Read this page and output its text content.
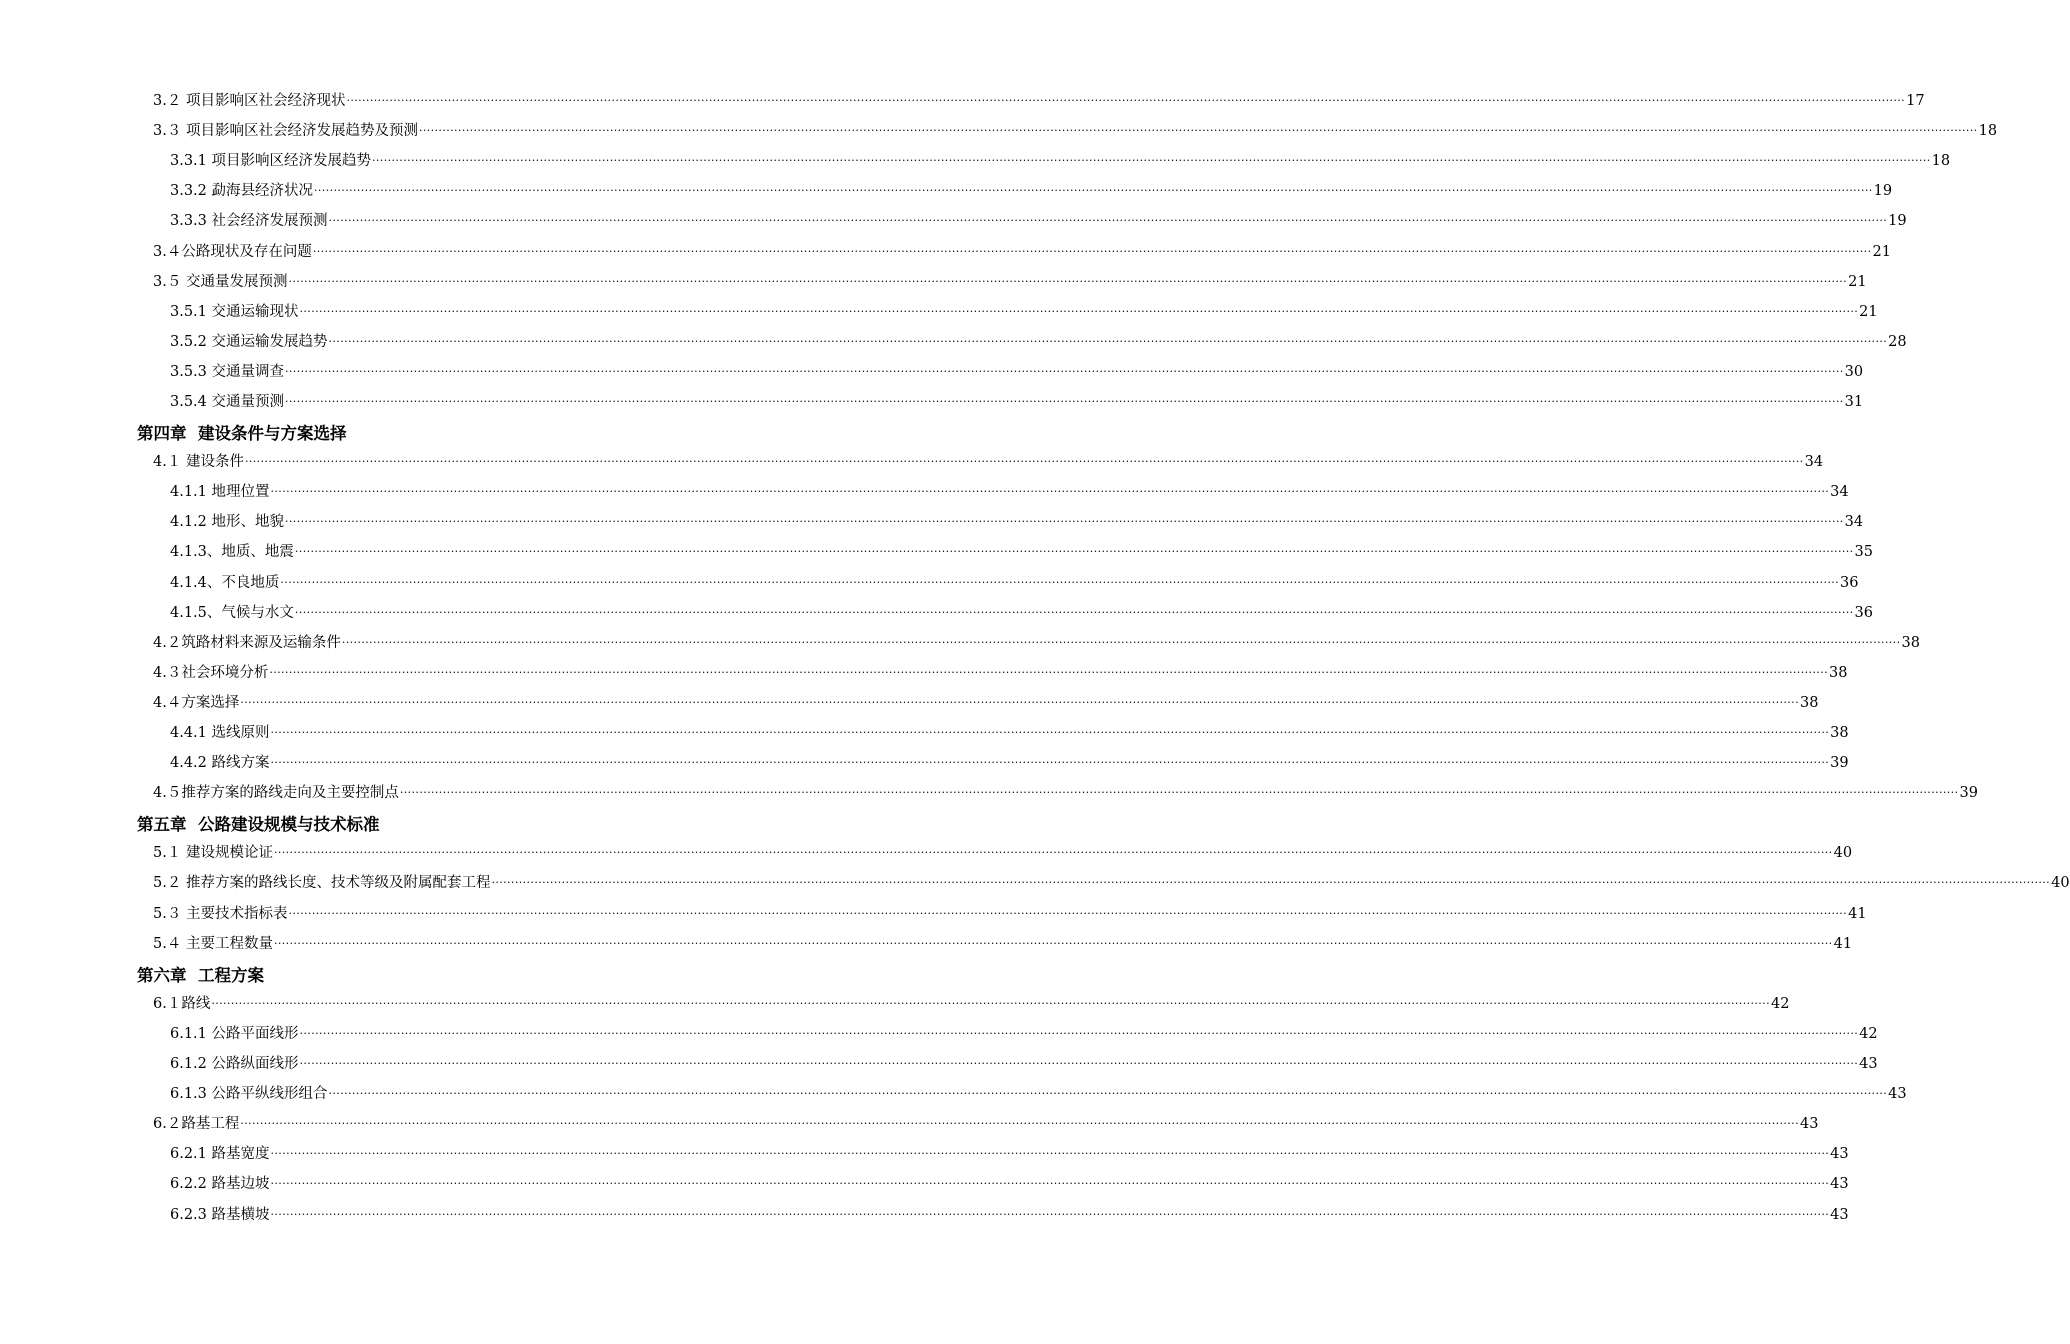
3.２ 项目影响区社会经济现状 ................................................................................................................................................................................................................................................................................................................................................................................................................ 17
3.３ 项目影响区社会经济发展趋势及预测 ................................................................................................................................................................................................................................................................................................................................................................................................................ 18
3.3.1 项目影响区经济发展趋势 ................................................................................................................................................................................................................................................................................................................................................................................................................ 18
3.3.2 勐海县经济状况 ................................................................................................................................................................................................................................................................................................................................................................................................................ 19
3.3.3 社会经济发展预测 ................................................................................................................................................................................................................................................................................................................................................................................................................ 19
3.４公路现状及存在问题 ................................................................................................................................................................................................................................................................................................................................................................................................................ 21
3.５ 交通量发展预测 ................................................................................................................................................................................................................................................................................................................................................................................................................ 21
3.5.1 交通运输现状 ................................................................................................................................................................................................................................................................................................................................................................................................................ 21
3.5.2 交通运输发展趋势 ................................................................................................................................................................................................................................................................................................................................................................................................................ 28
3.5.3 交通量调查 ................................................................................................................................................................................................................................................................................................................................................................................................................ 30
3.5.4 交通量预测 ................................................................................................................................................................................................................................................................................................................................................................................................................ 31
第四章  建设条件与方案选择
4.１ 建设条件 ................................................................................................................................................................................................................................................................................................................................................................................................................ 34
4.1.1 地理位置 ................................................................................................................................................................................................................................................................................................................................................................................................................ 34
4.1.2 地形、地貌 ................................................................................................................................................................................................................................................................................................................................................................................................................ 34
4.1.3、地质、地震 ................................................................................................................................................................................................................................................................................................................................................................................................................ 35
4.1.4、不良地质 ................................................................................................................................................................................................................................................................................................................................................................................................................ 36
4.1.5、气候与水文 ................................................................................................................................................................................................................................................................................................................................................................................................................ 36
4.２筑路材料来源及运输条件 ................................................................................................................................................................................................................................................................................................................................................................................................................ 38
4.３社会环境分析 ................................................................................................................................................................................................................................................................................................................................................................................................................ 38
4.４方案选择 ................................................................................................................................................................................................................................................................................................................................................................................................................ 38
4.4.1 选线原则 ................................................................................................................................................................................................................................................................................................................................................................................................................ 38
4.4.2 路线方案 ................................................................................................................................................................................................................................................................................................................................................................................................................ 39
4.５推荐方案的路线走向及主要控制点 ................................................................................................................................................................................................................................................................................................................................................................................................................ 39
第五章  公路建设规模与技术标准
5.１ 建设规模论证 ................................................................................................................................................................................................................................................................................................................................................................................................................ 40
5.２ 推荐方案的路线长度、技术等级及附属配套工程 ................................................................................................................................................................................................................................................................................................................................................................................................................ 40
5.３ 主要技术指标表 ................................................................................................................................................................................................................................................................................................................................................................................................................ 41
5.４ 主要工程数量 ................................................................................................................................................................................................................................................................................................................................................................................................................ 41
第六章  工程方案
6.１路线 ................................................................................................................................................................................................................................................................................................................................................................................................................ 42
6.1.1 公路平面线形 ................................................................................................................................................................................................................................................................................................................................................................................................................ 42
6.1.2 公路纵面线形 ................................................................................................................................................................................................................................................................................................................................................................................................................ 43
6.1.3 公路平纵线形组合 ................................................................................................................................................................................................................................................................................................................................................................................................................ 43
6.２路基工程 ................................................................................................................................................................................................................................................................................................................................................................................................................ 43
6.2.1 路基宽度 ................................................................................................................................................................................................................................................................................................................................................................................................................ 43
6.2.2 路基边坡 ................................................................................................................................................................................................................................................................................................................................................................................................................ 43
6.2.3 路基横坡 ................................................................................................................................................................................................................................................................................................................................................................................................................ 43
